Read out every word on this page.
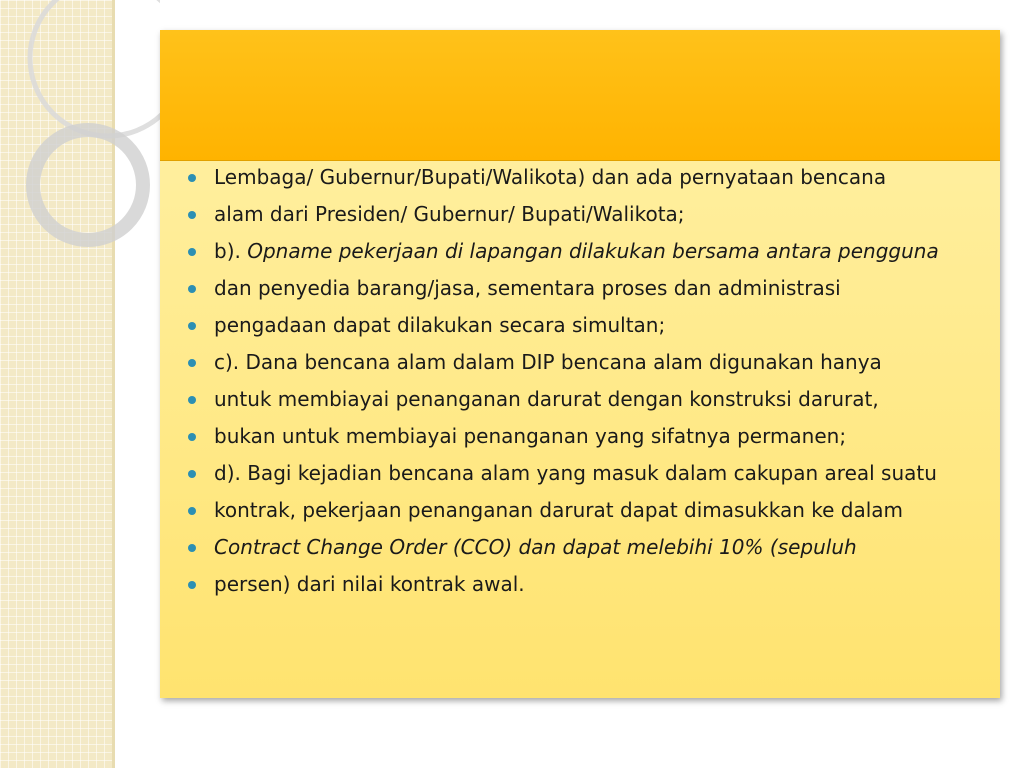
Lembaga/ Gubernur/Bupati/Walikota) dan ada pernyataan bencana
alam dari Presiden/ Gubernur/ Bupati/Walikota;
b). Opname pekerjaan di lapangan dilakukan bersama antara pengguna
dan penyedia barang/jasa, sementara proses dan administrasi
pengadaan dapat dilakukan secara simultan;
c). Dana bencana alam dalam DIP bencana alam digunakan hanya
untuk membiayai penanganan darurat dengan konstruksi darurat,
bukan untuk membiayai penanganan yang sifatnya permanen;
d). Bagi kejadian bencana alam yang masuk dalam cakupan areal suatu
kontrak, pekerjaan penanganan darurat dapat dimasukkan ke dalam
Contract Change Order (CCO) dan dapat melebihi 10% (sepuluh
persen) dari nilai kontrak awal.
